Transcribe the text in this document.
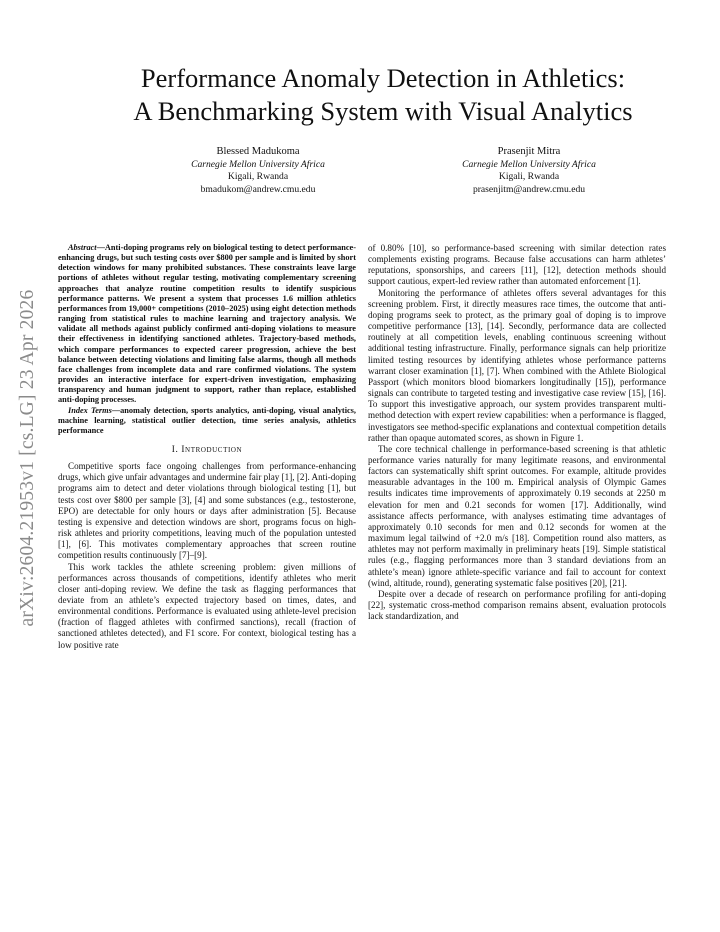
arXiv:2604.21953v1 [cs.LG] 23 Apr 2026
Performance Anomaly Detection in Athletics:
A Benchmarking System with Visual Analytics
Blessed Madukoma
Carnegie Mellon University Africa
Kigali, Rwanda
bmadukom@andrew.cmu.edu
Prasenjit Mitra
Carnegie Mellon University Africa
Kigali, Rwanda
prasenjitm@andrew.cmu.edu

Abstract—Anti-doping programs rely on biological testing to detect performance-enhancing drugs, but such testing costs over $800 per sample and is limited by short detection windows for many prohibited substances. These constraints leave large portions of athletes without regular testing, motivating complementary screening approaches that analyze routine competition results to identify suspicious performance patterns. We present a system that processes 1.6 million athletics performances from 19,000+ competitions (2010–2025) using eight detection methods ranging from statistical rules to machine learning and trajectory analysis. We validate all methods against publicly confirmed anti-doping violations to measure their effectiveness in identifying sanctioned athletes. Trajectory-based methods, which compare performances to expected career progression, achieve the best balance between detecting violations and limiting false alarms, though all methods face challenges from incomplete data and rare confirmed violations. The system provides an interactive interface for expert-driven investigation, emphasizing transparency and human judgment to support, rather than replace, established anti-doping processes.

Index Terms—anomaly detection, sports analytics, anti-doping, visual analytics, machine learning, statistical outlier detection, time series analysis, athletics performance

I. Introduction

Competitive sports face ongoing challenges from performance-enhancing drugs, which give unfair advantages and undermine fair play [1], [2]. Anti-doping programs aim to detect and deter violations through biological testing [1], but tests cost over $800 per sample [3], [4] and some substances (e.g., testosterone, EPO) are detectable for only hours or days after administration [5]. Because testing is expensive and detection windows are short, programs focus on high-risk athletes and priority competitions, leaving much of the population untested [1], [6]. This motivates complementary approaches that screen routine competition results continuously [7]–[9].

This work tackles the athlete screening problem: given millions of performances across thousands of competitions, identify athletes who merit closer anti-doping review. We define the task as flagging performances that deviate from an athlete’s expected trajectory based on times, dates, and environmental conditions. Performance is evaluated using athlete-level precision (fraction of flagged athletes with confirmed sanctions), recall (fraction of sanctioned athletes detected), and F1 score. For context, biological testing has a low positive rate

of 0.80% [10], so performance-based screening with similar detection rates complements existing programs. Because false accusations can harm athletes’ reputations, sponsorships, and careers [11], [12], detection methods should support cautious, expert-led review rather than automated enforcement [1].

Monitoring the performance of athletes offers several advantages for this screening problem. First, it directly measures race times, the outcome that anti-doping programs seek to protect, as the primary goal of doping is to improve competitive performance [13], [14]. Secondly, performance data are collected routinely at all competition levels, enabling continuous screening without additional testing infrastructure. Finally, performance signals can help prioritize limited testing resources by identifying athletes whose performance patterns warrant closer examination [1], [7]. When combined with the Athlete Biological Passport (which monitors blood biomarkers longitudinally [15]), performance signals can contribute to targeted testing and investigative case review [15], [16]. To support this investigative approach, our system provides transparent multi-method detection with expert review capabilities: when a performance is flagged, investigators see method-specific explanations and contextual competition details rather than opaque automated scores, as shown in Figure 1.

The core technical challenge in performance-based screening is that athletic performance varies naturally for many legitimate reasons, and environmental factors can systematically shift sprint outcomes. For example, altitude provides measurable advantages in the 100 m. Empirical analysis of Olympic Games results indicates time improvements of approximately 0.19 seconds at 2250 m elevation for men and 0.21 seconds for women [17]. Additionally, wind assistance affects performance, with analyses estimating time advantages of approximately 0.10 seconds for men and 0.12 seconds for women at the maximum legal tailwind of +2.0 m/s [18]. Competition round also matters, as athletes may not perform maximally in preliminary heats [19]. Simple statistical rules (e.g., flagging performances more than 3 standard deviations from an athlete’s mean) ignore athlete-specific variance and fail to account for context (wind, altitude, round), generating systematic false positives [20], [21].

Despite over a decade of research on performance profiling for anti-doping [22], systematic cross-method comparison remains absent, evaluation protocols lack standardization, and
